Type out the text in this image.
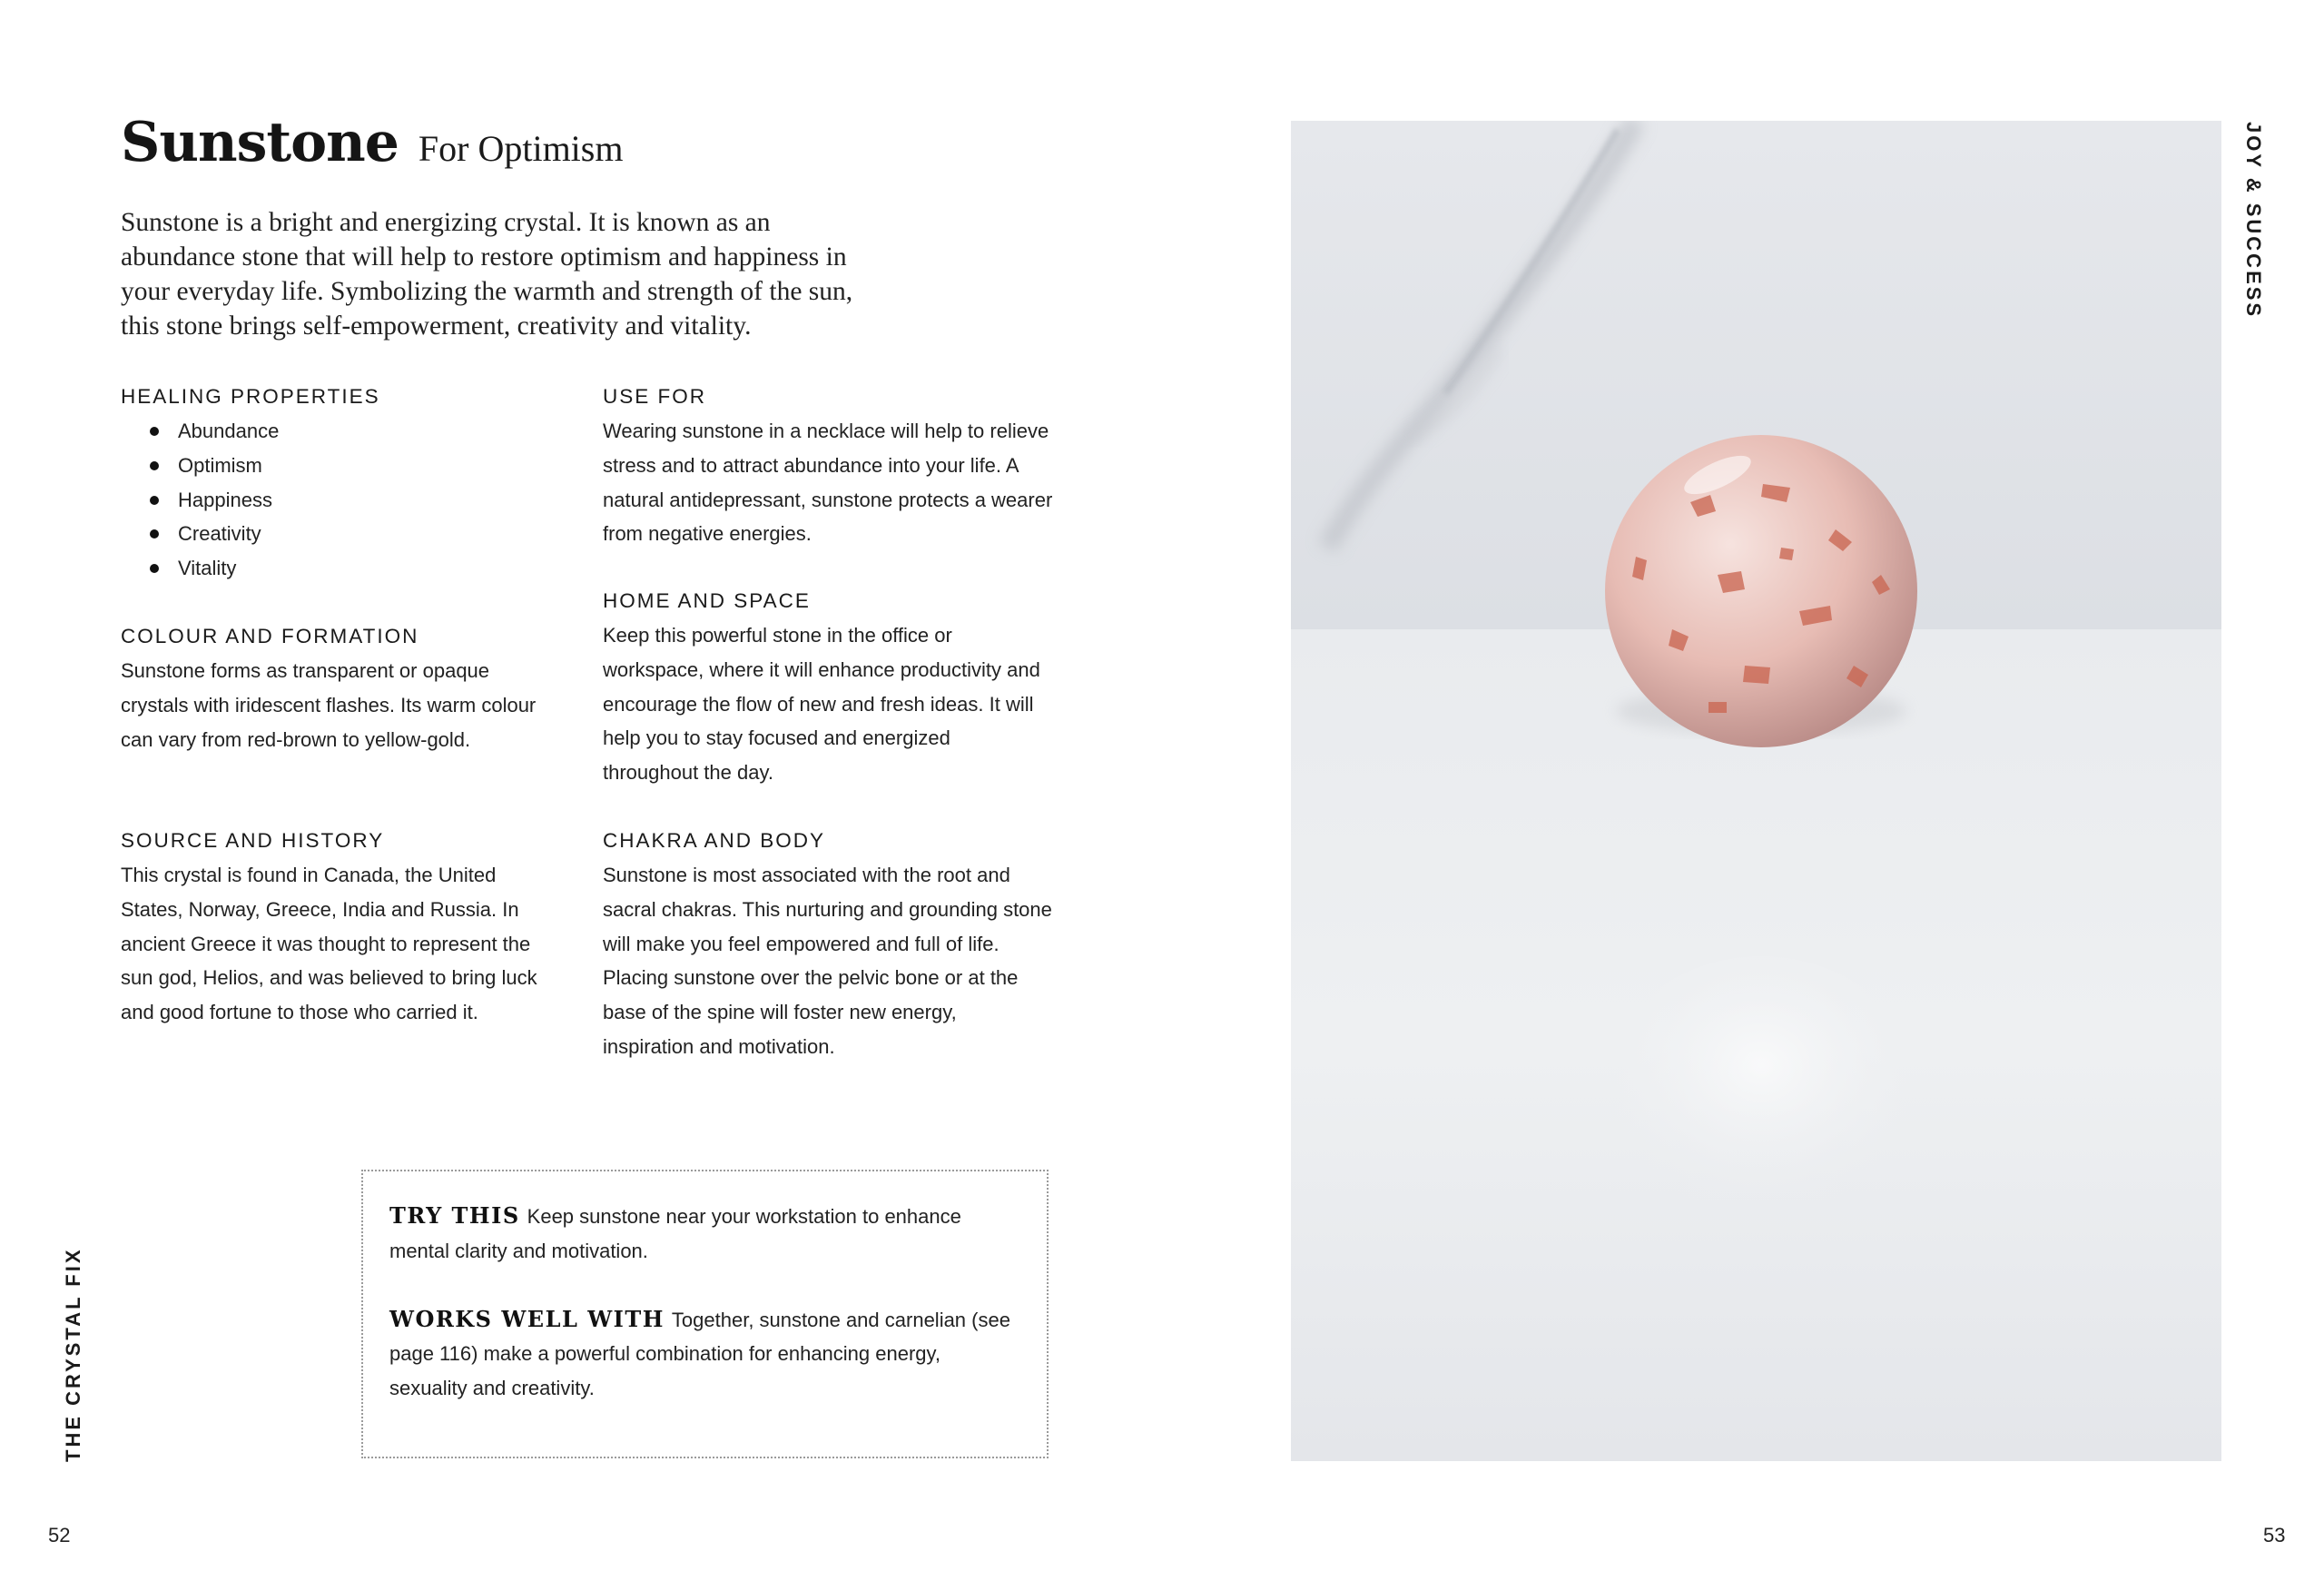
Sunstone For Optimism
Sunstone is a bright and energizing crystal. It is known as an abundance stone that will help to restore optimism and happiness in your everyday life. Symbolizing the warmth and strength of the sun, this stone brings self-empowerment, creativity and vitality.
HEALING PROPERTIES
Abundance
Optimism
Happiness
Creativity
Vitality
COLOUR AND FORMATION

Sunstone forms as transparent or opaque crystals with iridescent flashes. Its warm colour can vary from red-brown to yellow-gold.

SOURCE AND HISTORY

This crystal is found in Canada, the United States, Norway, Greece, India and Russia. In ancient Greece it was thought to represent the sun god, Helios, and was believed to bring luck and good fortune to those who carried it.

USE FOR

Wearing sunstone in a necklace will help to relieve stress and to attract abundance into your life. A natural antidepressant, sunstone protects a wearer from negative energies.

HOME AND SPACE

Keep this powerful stone in the office or workspace, where it will enhance productivity and encourage the flow of new and fresh ideas. It will help you to stay focused and energized throughout the day.

CHAKRA AND BODY

Sunstone is most associated with the root and sacral chakras. This nurturing and grounding stone will make you feel empowered and full of life. Placing sunstone over the pelvic bone or at the base of the spine will foster new energy, inspiration and motivation.

TRY THIS Keep sunstone near your workstation to enhance mental clarity and motivation.

WORKS WELL WITH Together, sunstone and carnelian (see page 116) make a powerful combination for enhancing energy, sexuality and creativity.

THE CRYSTAL FIX
JOY & SUCCESS
52	53
